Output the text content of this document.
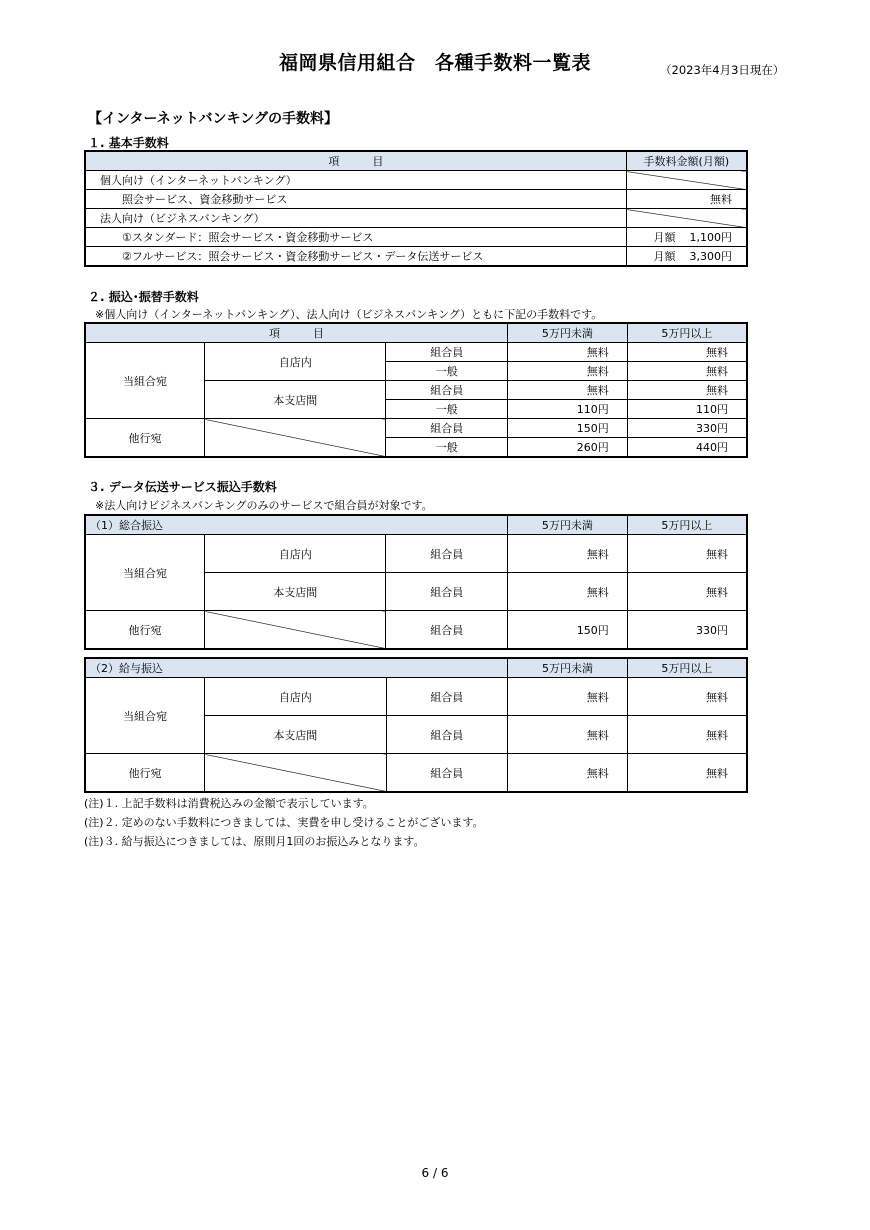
福岡県信用組合　各種手数料一覧表	（2023年4月3日現在）
【インターネットバンキングの手数料】
１. 基本手数料
項　　　目	手数料金額(月額)
個人向け（インターネットバンキング）	
照会サービス、資金移動サービス	無料
法人向け（ビジネスバンキング）	
①スタンダード：照会サービス・資金移動サービス	月額 1,100円
②フルサービス：照会サービス・資金移動サービス・データ伝送サービス	月額 3,300円
２. 振込･振替手数料
※個人向け（インターネットバンキング）、法人向け（ビジネスバンキング）ともに下記の手数料です。
項　　　目			5万円未満	5万円以上
当組合宛	自店内	組合員	無料	無料
		一般	無料	無料
	本支店間	組合員	無料	無料
		一般	110円	110円
他行宛		組合員	150円	330円
		一般	260円	440円
３. データ伝送サービス振込手数料
※法人向けビジネスバンキングのみのサービスで組合員が対象です。
（1）総合振込			5万円未満	5万円以上
当組合宛	自店内	組合員	無料	無料
	本支店間	組合員	無料	無料
他行宛		組合員	150円	330円
（2）給与振込			5万円未満	5万円以上
当組合宛	自店内	組合員	無料	無料
	本支店間	組合員	無料	無料
他行宛		組合員	無料	無料
(注)１. 上記手数料は消費税込みの金額で表示しています。
(注)２. 定めのない手数料につきましては、実費を申し受けることがございます。
(注)３. 給与振込につきましては、原則月1回のお振込みとなります。
6 / 6
